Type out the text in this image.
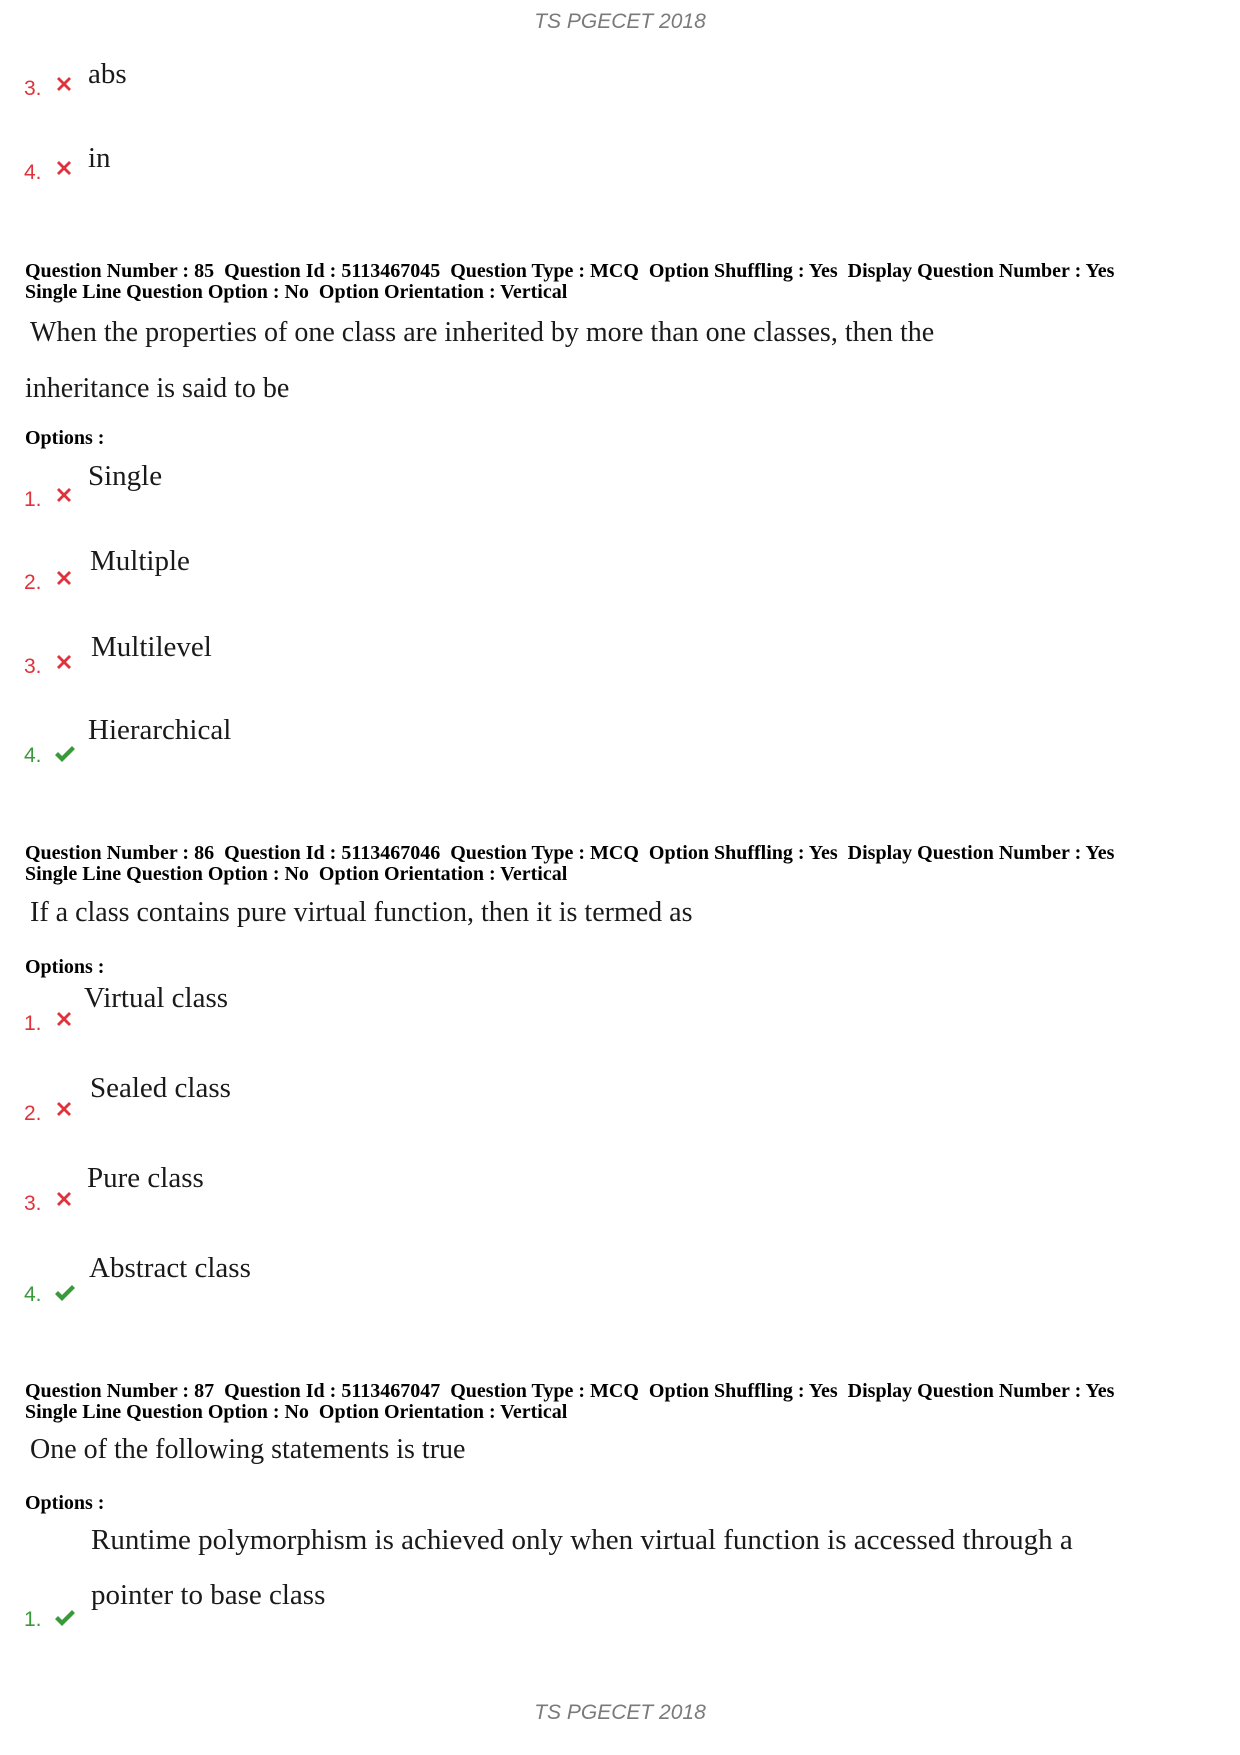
TS PGECET 2018
3. abs
4. in
Question Number : 85  Question Id : 5113467045  Question Type : MCQ  Option Shuffling : Yes  Display Question Number : Yes
Single Line Question Option : No  Option Orientation : Vertical
When the properties of one class are inherited by more than one classes, then the
inheritance is said to be
Options :
1.
Single
2.
Multiple
3.
Multilevel
4.
Hierarchical
Question Number : 86  Question Id : 5113467046  Question Type : MCQ  Option Shuffling : Yes  Display Question Number : Yes
Single Line Question Option : No  Option Orientation : Vertical
If a class contains pure virtual function, then it is termed as
Options :
1.
Virtual class
2.
Sealed class
3.
Pure class
4.
Abstract class
Question Number : 87  Question Id : 5113467047  Question Type : MCQ  Option Shuffling : Yes  Display Question Number : Yes
Single Line Question Option : No  Option Orientation : Vertical
One of the following statements is true
Options :
1.
Runtime polymorphism is achieved only when virtual function is accessed through a
pointer to base class
TS PGECET 2018
